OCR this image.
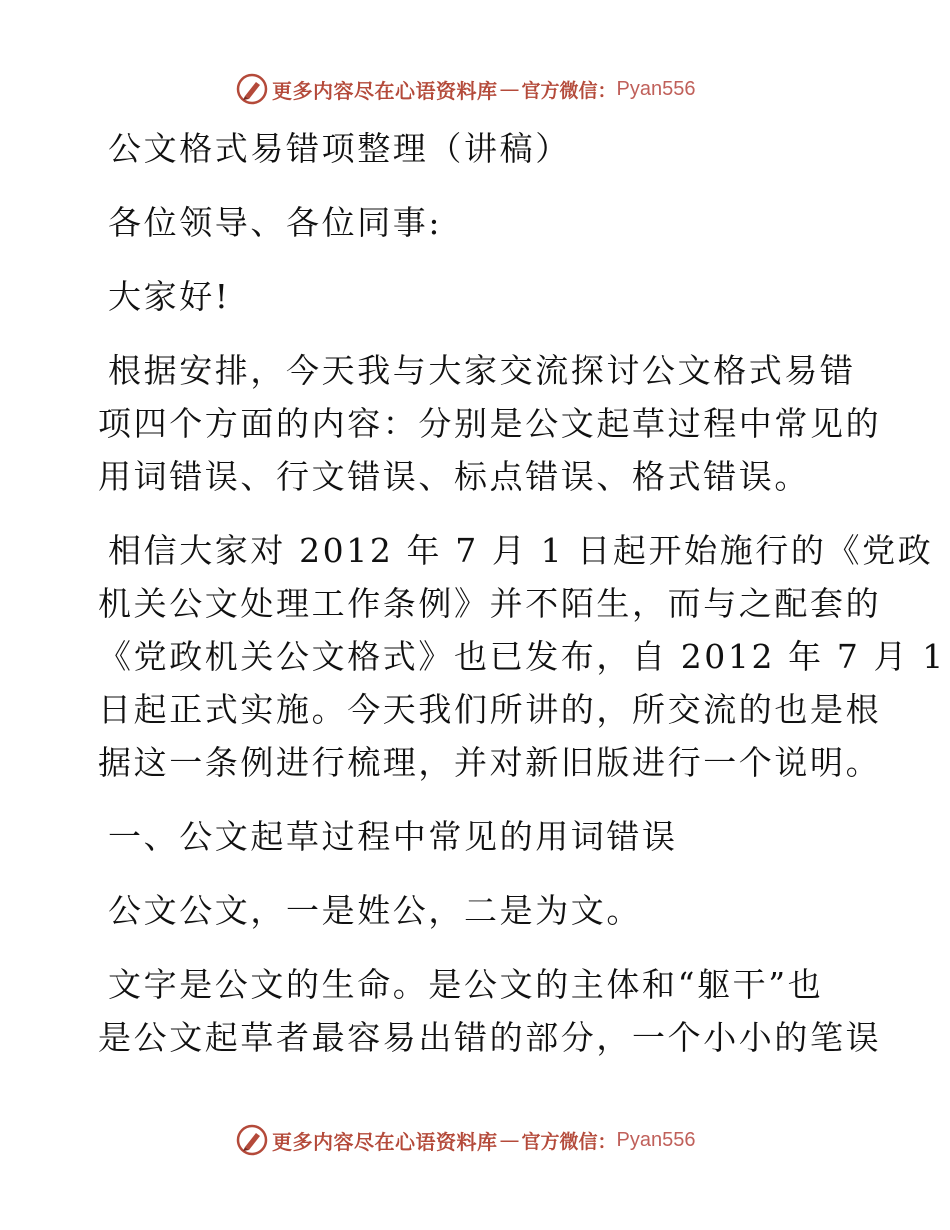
更多内容尽在心语资料库 — 官方微信： Pyan556

公文格式易错项整理（讲稿）

各位领导、各位同事:

大家好!

根据安排，今天我与大家交流探讨公文格式易错

项四个方面的内容：分别是公文起草过程中常见的

用词错误、行文错误、标点错误、格式错误。

相信大家对 2012 年 7 月 1 日起开始施行的《党政

机关公文处理工作条例》并不陌生，而与之配套的

《党政机关公文格式》也已发布，自 2012 年 7 月 1

日起正式实施。今天我们所讲的，所交流的也是根

据这一条例进行梳理，并对新旧版进行一个说明。

一、公文起草过程中常见的用词错误

公文公文，一是姓公，二是为文。

文字是公文的生命。是公文的主体和“躯干”也

是公文起草者最容易出错的部分，一个小小的笔误

更多内容尽在心语资料库 — 官方微信： Pyan556
